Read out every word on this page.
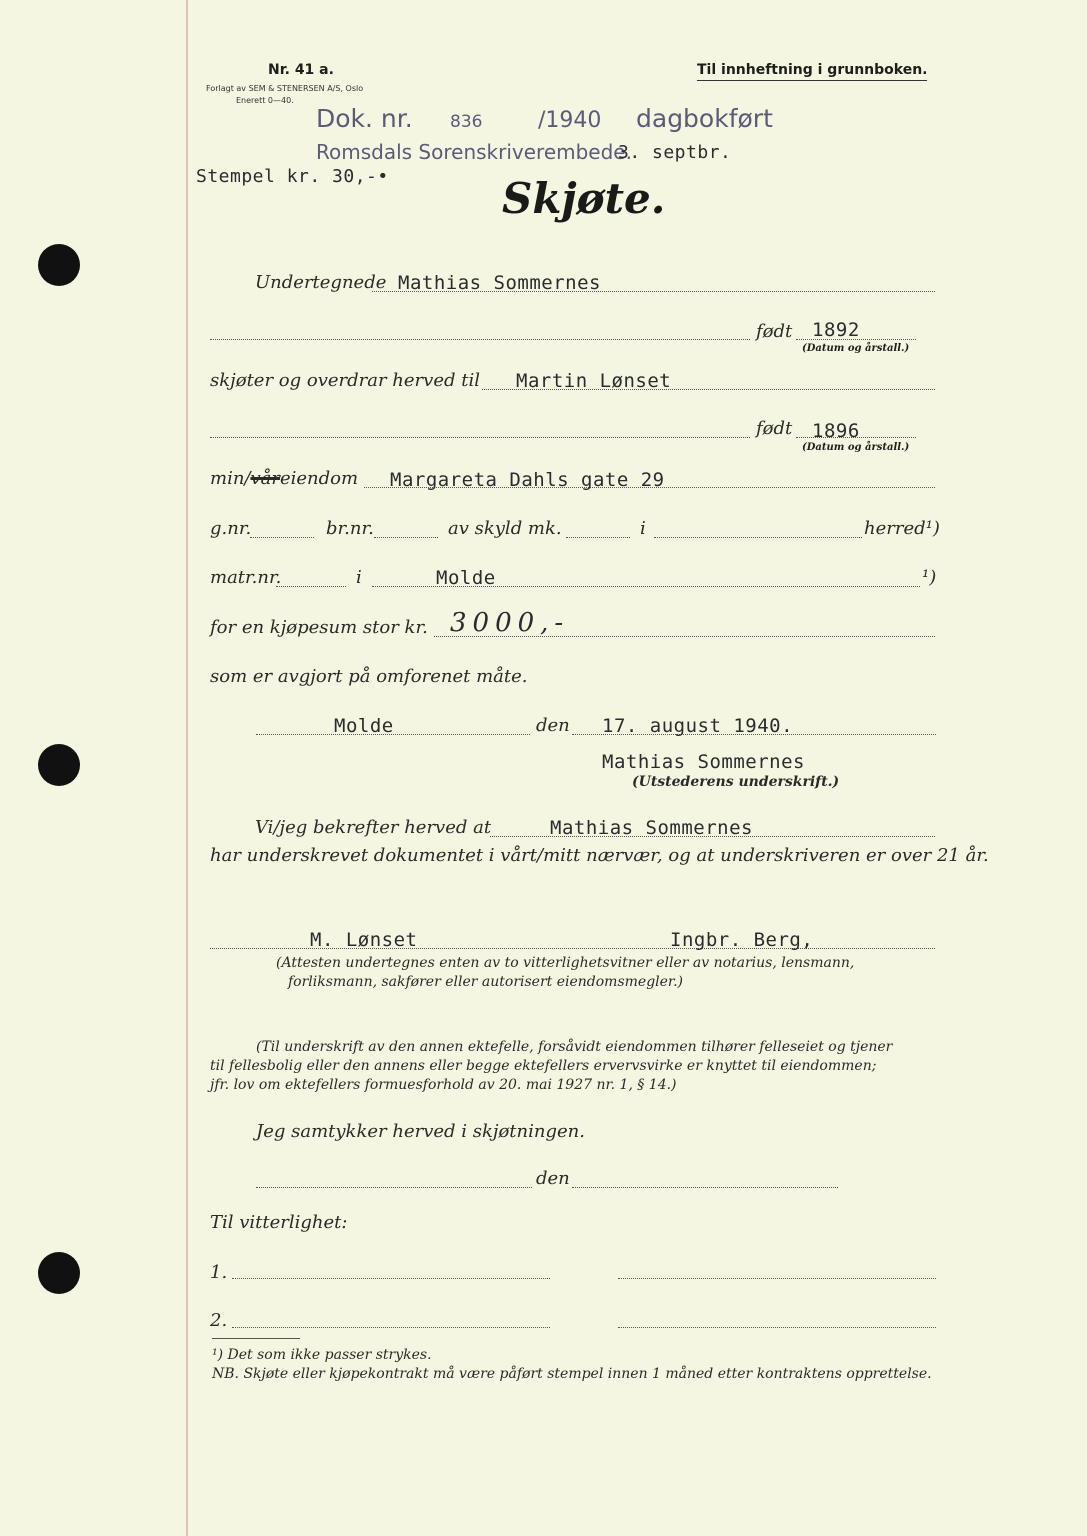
Nr. 41 a.
Forlagt av SEM & STENERSEN A/S, Oslo
Enerett 0—40.
Til innheftning i grunnboken.
Dok. nr. 836	/1940 dagbokført
Romsdals Sorenskriverembede.
3. septbr.
Stempel kr. 30,-•	Skjøte.
Undertegnede Mathias Sommernes
født 1892
(Datum og årstall.)
skjøter og overdrar herved til Martin Lønset
født 1896
(Datum og årstall.)
min/våreiendom Margareta Dahls gate 29
g.nr.	br.nr.	av skyld mk.	i	herred¹)
matr.nr.	i	Molde	¹)
for en kjøpesum stor kr. 3000,-
som er avgjort på omforenet måte.
Molde	den 17. august 1940.
Mathias Sommernes
(Utstederens underskrift.)
Vi/jeg bekrefter herved at	Mathias Sommernes
har underskrevet dokumentet i vårt/mitt nærvær, og at underskriveren er over 21 år.
M. Lønset	Ingbr. Berg,
(Attesten undertegnes enten av to vitterlighetsvitner eller av notarius, lensmann,
forliksmann, sakfører eller autorisert eiendomsmegler.)
(Til underskrift av den annen ektefelle, forsåvidt eiendommen tilhører felleseiet og tjener
til fellesbolig eller den annens eller begge ektefellers ervervsvirke er knyttet til eiendommen;
jfr. lov om ektefellers formuesforhold av 20. mai 1927 nr. 1, § 14.)
Jeg samtykker herved i skjøtningen.
den
Til vitterlighet:
1.
2.
¹) Det som ikke passer strykes.
NB. Skjøte eller kjøpekontrakt må være påført stempel innen 1 måned etter kontraktens opprettelse.
